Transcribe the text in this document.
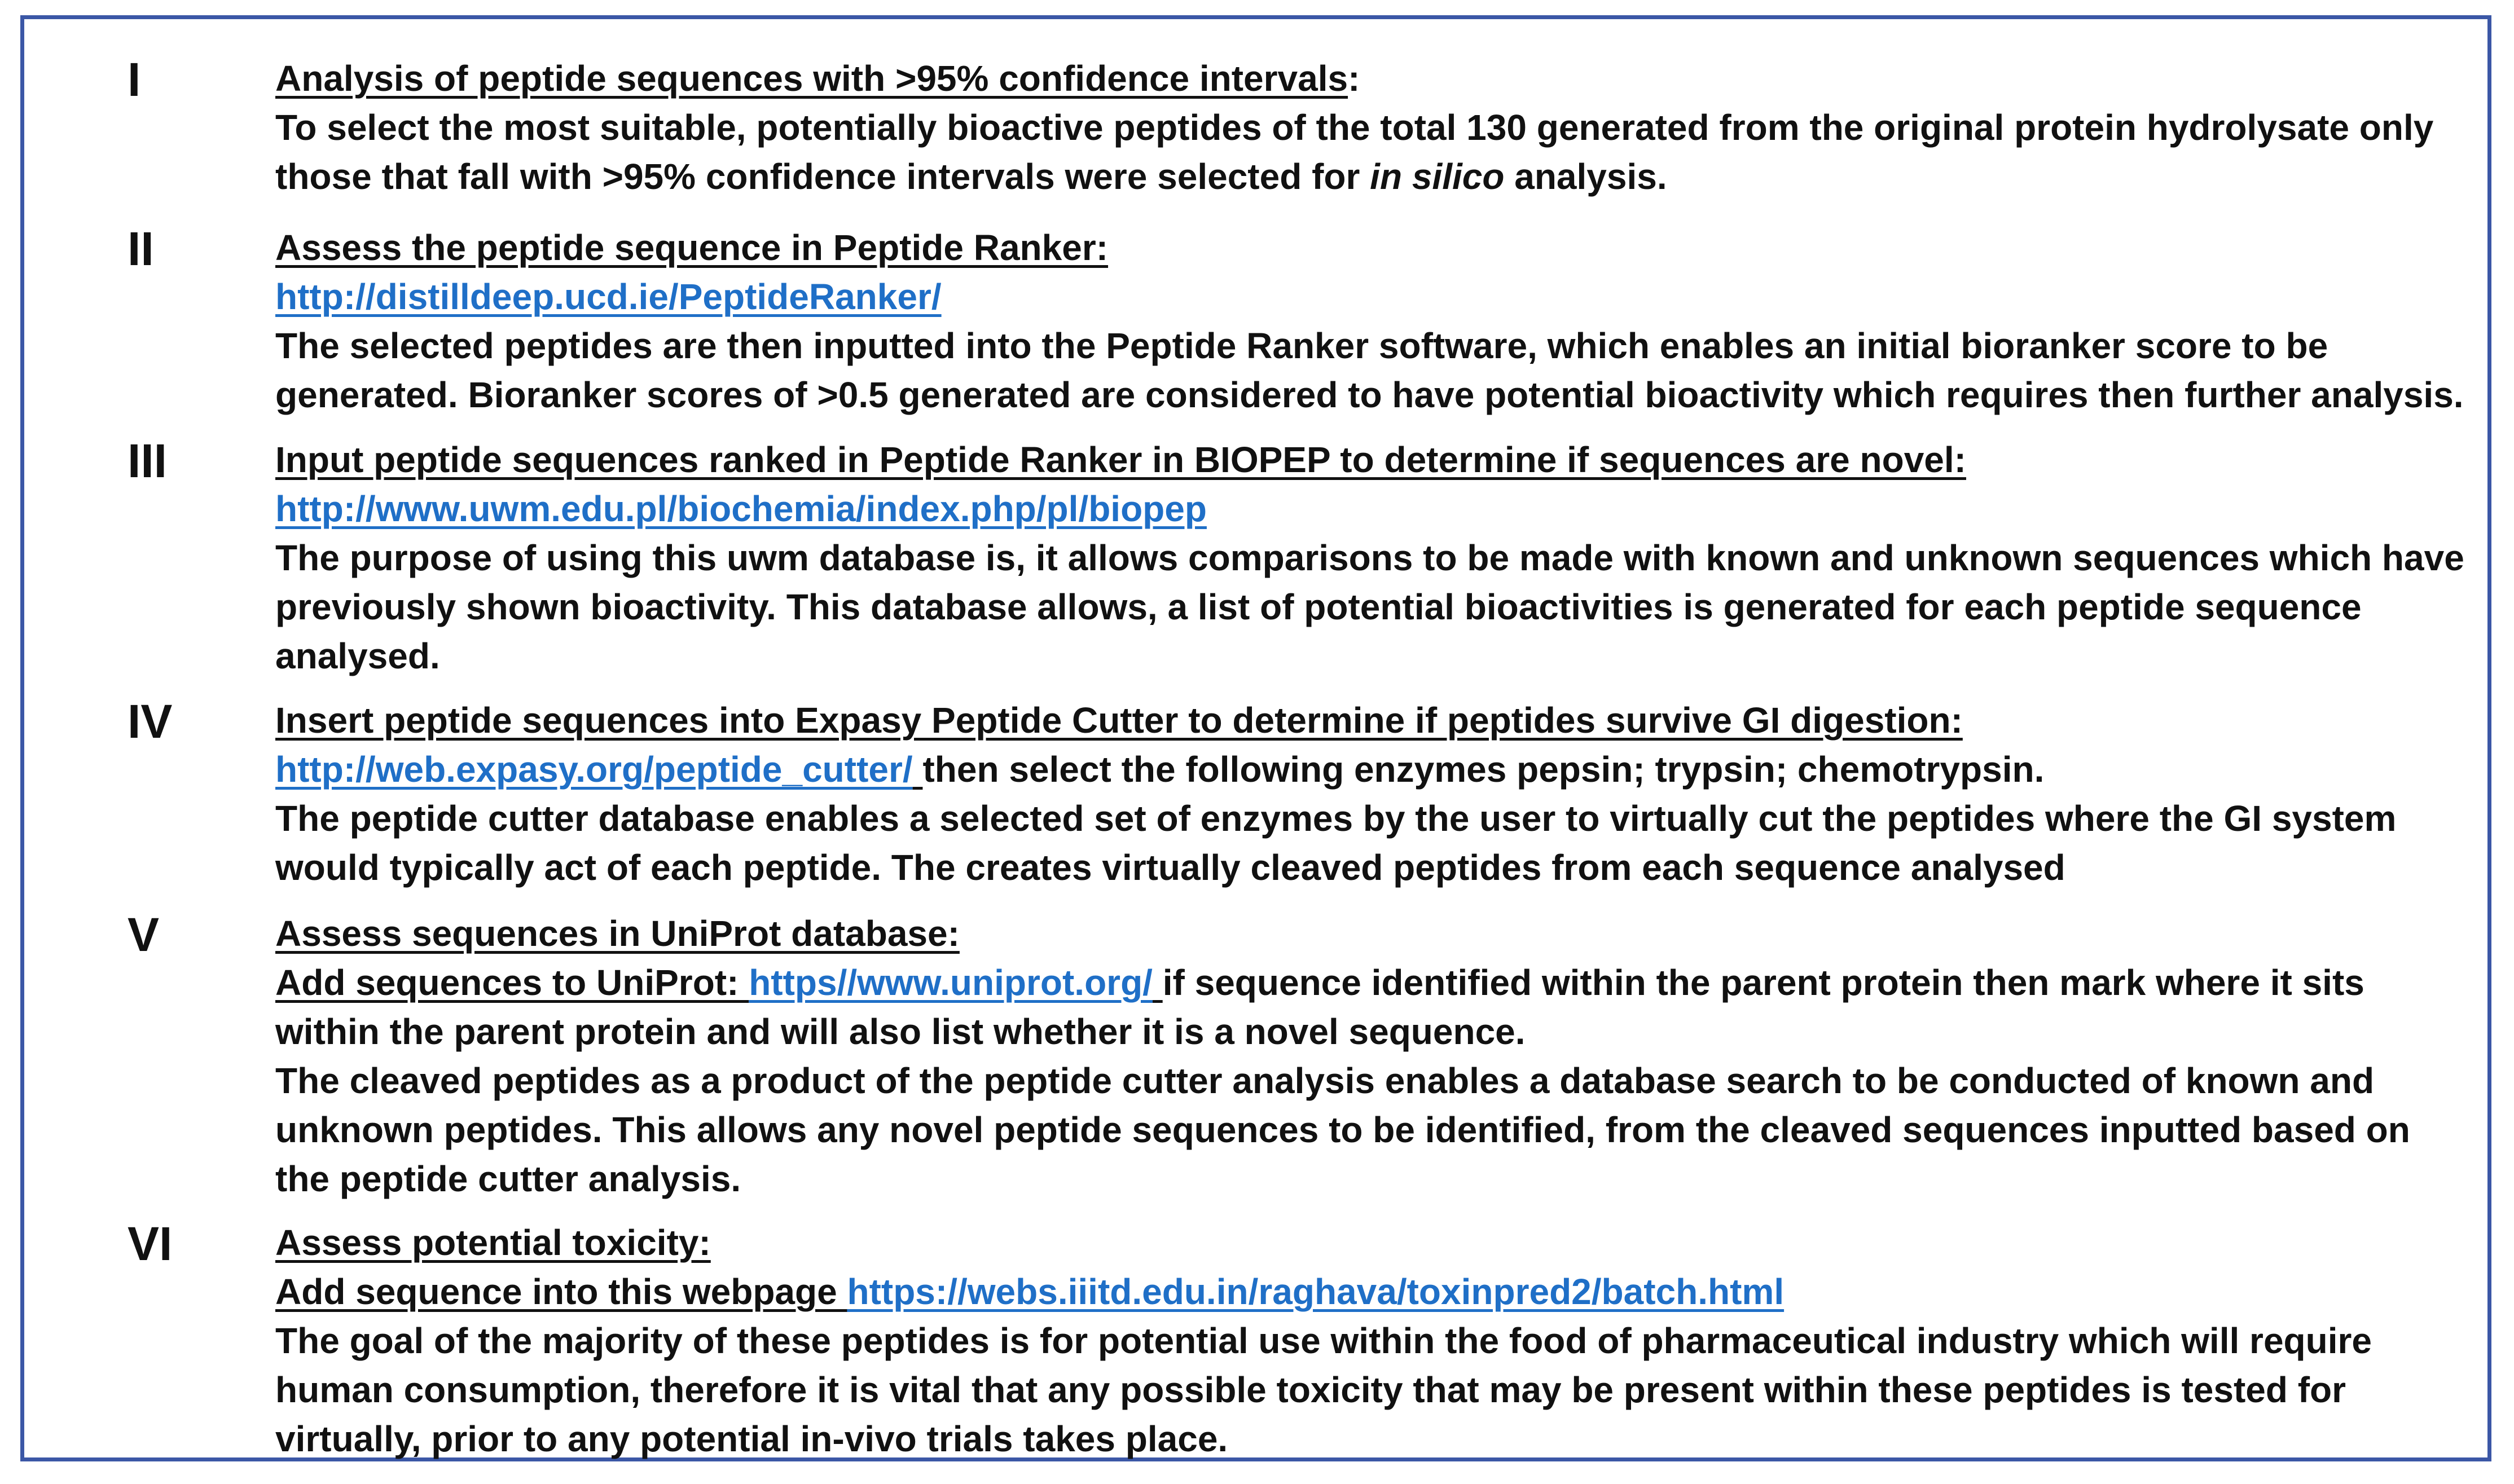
I	Analysis of peptide sequences with >95% confidence intervals:
To select the most suitable, potentially bioactive peptides of the total 130 generated from the original protein hydrolysate only
those that fall with >95% confidence intervals were selected for in silico analysis.
II	Assess the peptide sequence in Peptide Ranker:
http://distilldeep.ucd.ie/PeptideRanker/
The selected peptides are then inputted into the Peptide Ranker software, which enables an initial bioranker score to be
generated. Bioranker scores of >0.5 generated are considered to have potential bioactivity which requires then further analysis.
III	Input peptide sequences ranked in Peptide Ranker in BIOPEP to determine if sequences are novel:
http://www.uwm.edu.pl/biochemia/index.php/pl/biopep
The purpose of using this uwm database is, it allows comparisons to be made with known and unknown sequences which have
previously shown bioactivity. This database allows, a list of potential bioactivities is generated for each peptide sequence
analysed.
IV	Insert peptide sequences into Expasy Peptide Cutter to determine if peptides survive GI digestion:
http://web.expasy.org/peptide_cutter/ then select the following enzymes pepsin; trypsin; chemotrypsin.
The peptide cutter database enables a selected set of enzymes by the user to virtually cut the peptides where the GI system
would typically act of each peptide. The creates virtually cleaved peptides from each sequence analysed
V	Assess sequences in UniProt database:
Add sequences to UniProt: https//www.uniprot.org/ if sequence identified within the parent protein then mark where it sits
within the parent protein and will also list whether it is a novel sequence.
The cleaved peptides as a product of the peptide cutter analysis enables a database search to be conducted of known and
unknown peptides. This allows any novel peptide sequences to be identified, from the cleaved sequences inputted based on
the peptide cutter analysis.
VI	Assess potential toxicity:
Add sequence into this webpage https://webs.iiitd.edu.in/raghava/toxinpred2/batch.html
The goal of the majority of these peptides is for potential use within the food of pharmaceutical industry which will require
human consumption, therefore it is vital that any possible toxicity that may be present within these peptides is tested for
virtually, prior to any potential in-vivo trials takes place.
